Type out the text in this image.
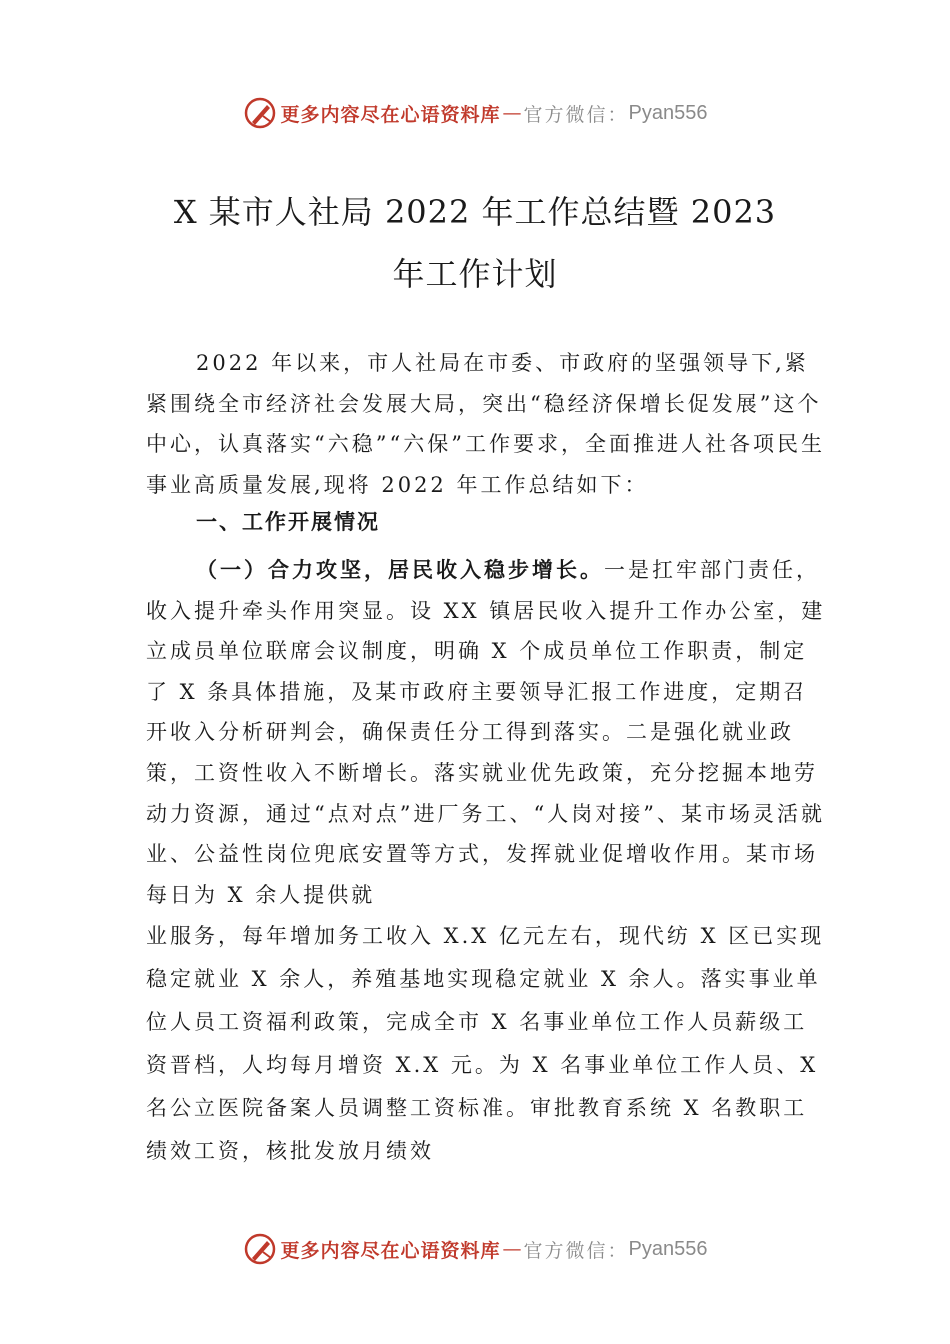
更多内容尽在心语资料库 — 官方微信： Pyan556
X 某市人社局 2022 年工作总结暨 2023
年工作计划

2022 年以来，市人社局在市委、市政府的坚强领导下,紧紧围绕全市经济社会发展大局，突出“稳经济保增长促发展”这个中心，认真落实“六稳”“六保”工作要求，全面推进人社各项民生事业高质量发展,现将 2022 年工作总结如下：

一、工作开展情况

（一）合力攻坚，居民收入稳步增长。一是扛牢部门责任，收入提升牵头作用突显。设 XX 镇居民收入提升工作办公室，建立成员单位联席会议制度，明确 X 个成员单位工作职责，制定了 X 条具体措施，及某市政府主要领导汇报工作进度，定期召开收入分析研判会，确保责任分工得到落实。二是强化就业政策，工资性收入不断增长。落实就业优先政策，充分挖掘本地劳动力资源，通过“点对点”进厂务工、“人岗对接”、某市场灵活就业、公益性岗位兜底安置等方式，发挥就业促增收作用。某市场每日为 X 余人提供就

业服务，每年增加务工收入 X.X 亿元左右，现代纺 X 区已实现稳定就业 X 余人，养殖基地实现稳定就业 X 余人。落实事业单位人员工资福利政策，完成全市 X 名事业单位工作人员薪级工资晋档，人均每月增资 X.X 元。为 X 名事业单位工作人员、X 名公立医院备案人员调整工资标准。审批教育系统 X 名教职工绩效工资，核批发放月绩效

更多内容尽在心语资料库 — 官方微信： Pyan556
